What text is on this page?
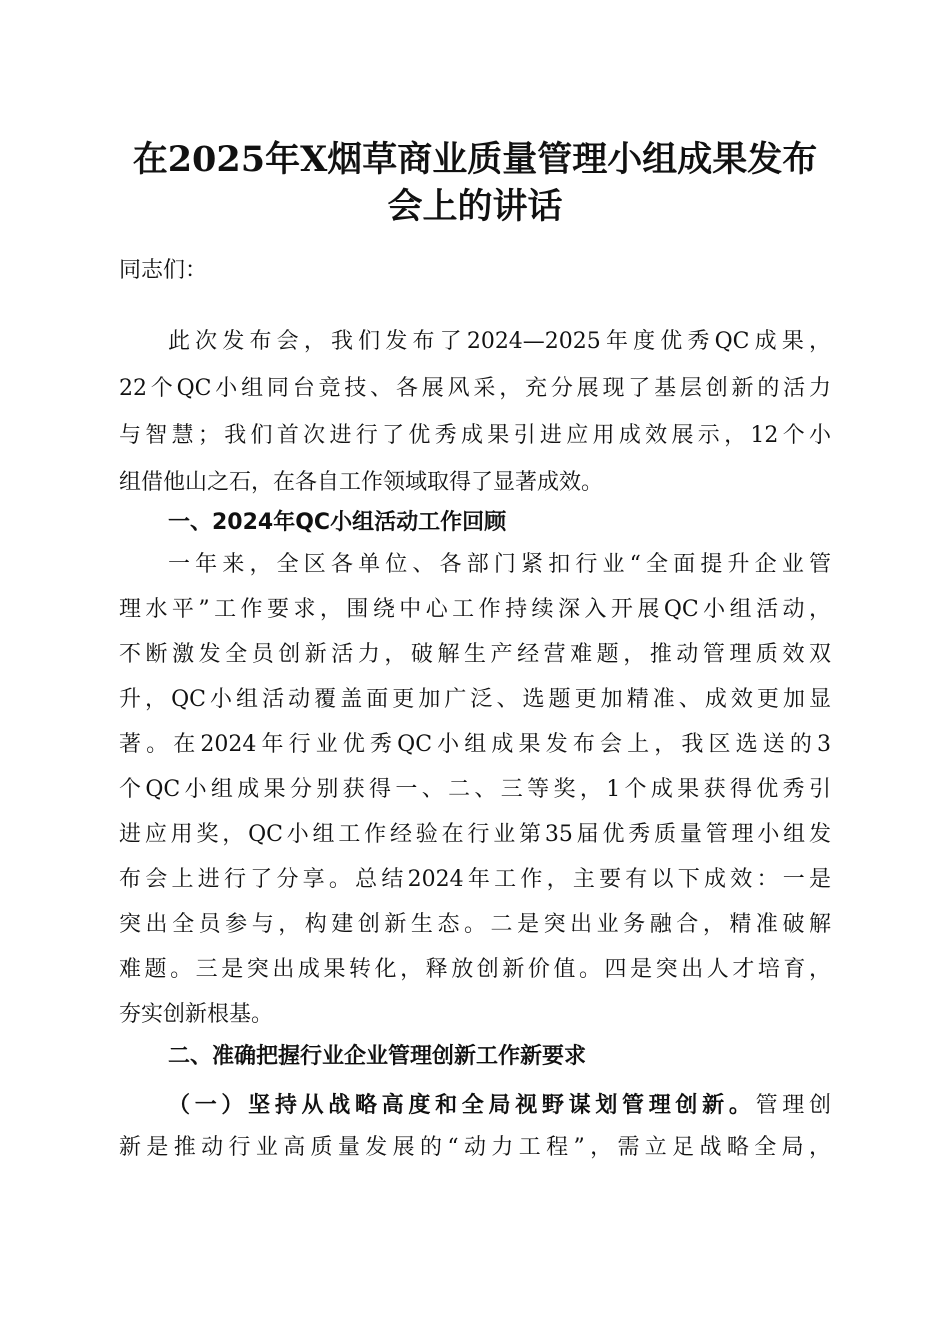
在2025年X烟草商业质量管理小组成果发布
会上的讲话
同志们：
此次发布会，我们发布了2024—2025年度优秀QC成果，
22个QC小组同台竞技、各展风采，充分展现了基层创新的活力
与智慧；我们首次进行了优秀成果引进应用成效展示，12个小
组借他山之石，在各自工作领域取得了显著成效。
一、2024年QC小组活动工作回顾
一年来，全区各单位、各部门紧扣行业“全面提升企业管
理水平”工作要求，围绕中心工作持续深入开展QC小组活动，
不断激发全员创新活力，破解生产经营难题，推动管理质效双
升，QC小组活动覆盖面更加广泛、选题更加精准、成效更加显
著。在2024年行业优秀QC小组成果发布会上，我区选送的3
个QC小组成果分别获得一、二、三等奖，1个成果获得优秀引
进应用奖，QC小组工作经验在行业第35届优秀质量管理小组发
布会上进行了分享。总结2024年工作，主要有以下成效：一是
突出全员参与，构建创新生态。二是突出业务融合，精准破解
难题。三是突出成果转化，释放创新价值。四是突出人才培育，
夯实创新根基。
二、准确把握行业企业管理创新工作新要求
（一）坚持从战略高度和全局视野谋划管理创新。管理创
新是推动行业高质量发展的“动力工程”，需立足战略全局，
